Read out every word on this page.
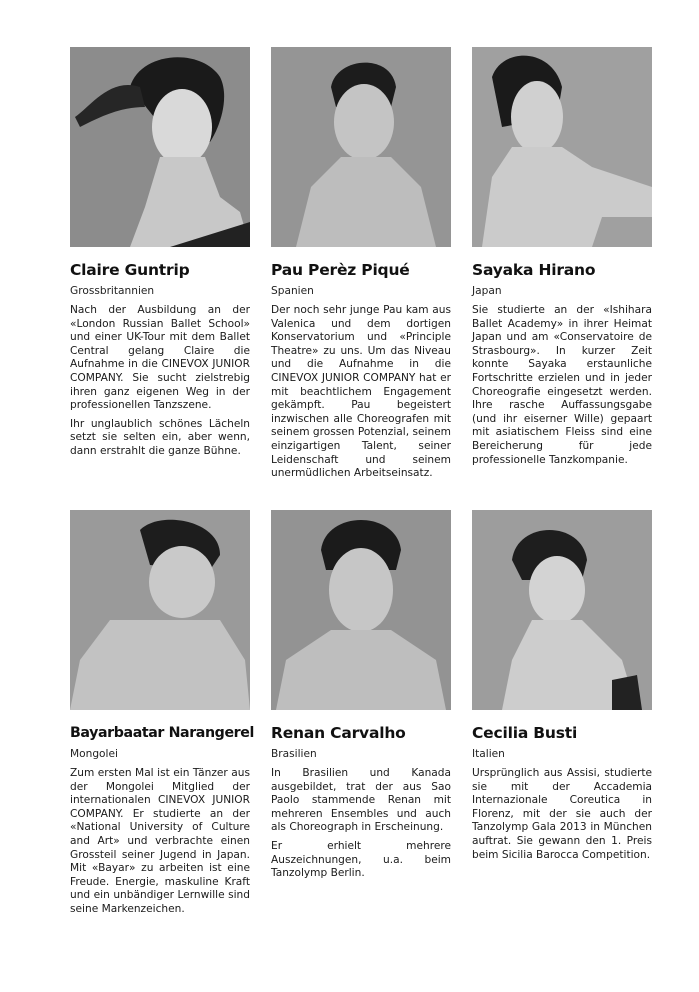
Claire Guntrip
Grossbritannien

Nach der Ausbildung an der «London Russian Ballet School» und einer UK-Tour mit dem Ballet Central gelang Claire die Aufnahme in die CINEVOX JUNIOR COMPANY. Sie sucht zielstrebig ihren ganz eigenen Weg in der professionellen Tanzszene.

Ihr unglaublich schönes Lächeln setzt sie selten ein, aber wenn, dann erstrahlt die ganze Bühne.

Pau Perèz Piqué
Spanien

Der noch sehr junge Pau kam aus Valenica und dem dortigen Konservatorium und «Principle Theatre» zu uns. Um das Niveau und die Aufnahme in die CINEVOX JUNIOR COMPANY hat er mit beachtlichem Engagement gekämpft. Pau begeistert inzwischen alle Choreografen mit seinem grossen Potenzial, seinem einzigartigen Talent, seiner Leidenschaft und seinem unermüdlichen Arbeitseinsatz.

Sayaka Hirano
Japan

Sie studierte an der «Ishihara Ballet Academy» in ihrer Heimat Japan und am «Conservatoire de Strasbourg». In kurzer Zeit konnte Sayaka erstaunliche Fortschritte erzielen und in jeder Choreografie eingesetzt werden. Ihre rasche Auffassungsgabe (und ihr eiserner Wille) gepaart mit asiatischem Fleiss sind eine Bereicherung für jede professionelle Tanzkompanie.

Bayarbaatar Narangerel
Mongolei

Zum ersten Mal ist ein Tänzer aus der Mongolei Mitglied der internationalen CINEVOX JUNIOR COMPANY. Er studierte an der «National University of Culture and Art» und verbrachte einen Grossteil seiner Jugend in Japan. Mit «Bayar» zu arbeiten ist eine Freude. Energie, maskuline Kraft und ein unbändiger Lernwille sind seine Markenzeichen.

Renan Carvalho
Brasilien

In Brasilien und Kanada ausgebildet, trat der aus Sao Paolo stammende Renan mit mehreren Ensembles und auch als Choreograph in Erscheinung.

Er erhielt mehrere Auszeichnungen, u.a. beim Tanzolymp Berlin.

Cecilia Busti
Italien

Ursprünglich aus Assisi, studierte sie mit der Accademia Internazionale Coreutica in Florenz, mit der sie auch der Tanzolymp Gala 2013 in München auftrat. Sie gewann den 1. Preis beim Sicilia Barocca Competition.
